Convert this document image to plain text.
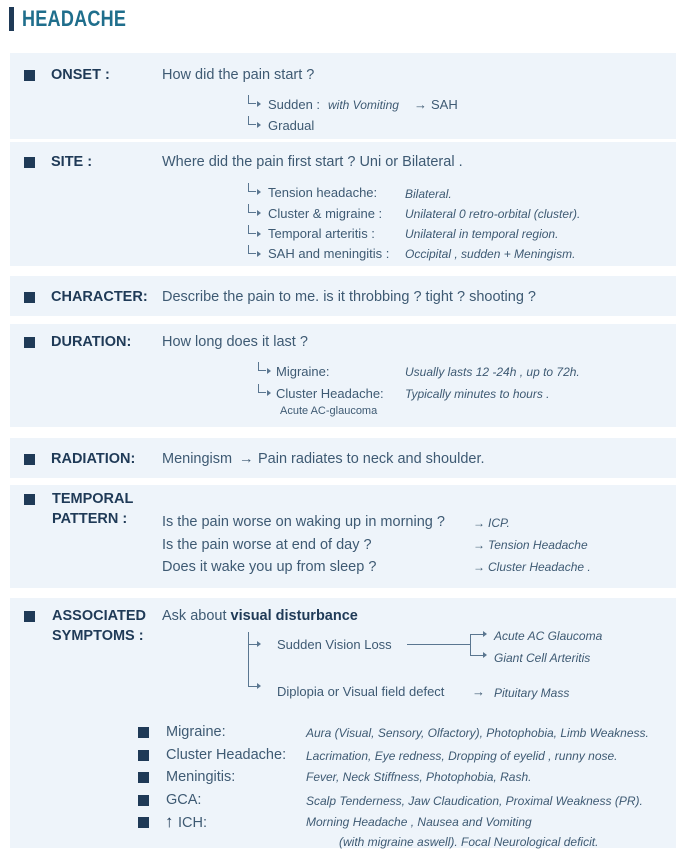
HEADACHE
ONSET :	How did the pain start ?
Sudden : with Vomiting → SAH
Gradual
SITE :	Where did the pain first start ? Uni or Bilateral .
Tension headache: Bilateral.
Cluster & migraine : Unilateral 0 retro-orbital (cluster).
Temporal arteritis :	Unilateral in temporal region.
SAH and meningitis : Occipital , sudden + Meningism.
CHARACTER: Describe the pain to me. is it throbbing ? tight ? shooting ?
DURATION: How long does it last ?
Migraine:	Usually lasts 12 -24h , up to 72h.
Cluster Headache: Typically minutes to hours .
Acute AC-glaucoma
RADIATION: Meningism → Pain radiates to neck and shoulder.
TEMPORAL
PATTERN : Is the pain worse on waking up in morning ? → ICP.
Is the pain worse at end of day ?	→ Tension Headache
Does it wake you up from sleep ?	→ Cluster Headache .
ASSOCIATED
SYMPTOMS :
Ask about visual disturbance
Sudden Vision Loss
Acute AC Glaucoma
Giant Cell Arteritis
Diplopia or Visual field defect → Pituitary Mass
Migraine:	Aura (Visual, Sensory, Olfactory), Photophobia, Limb Weakness.
Cluster Headache: Lacrimation, Eye redness, Dropping of eyelid , runny nose.
Meningitis:	Fever, Neck Stiffness, Photophobia, Rash.
GCA:	Scalp Tenderness, Jaw Claudication, Proximal Weakness (PR).
↑ ICH:	Morning Headache , Nausea and Vomiting
(with migraine aswell). Focal Neurological deficit.
